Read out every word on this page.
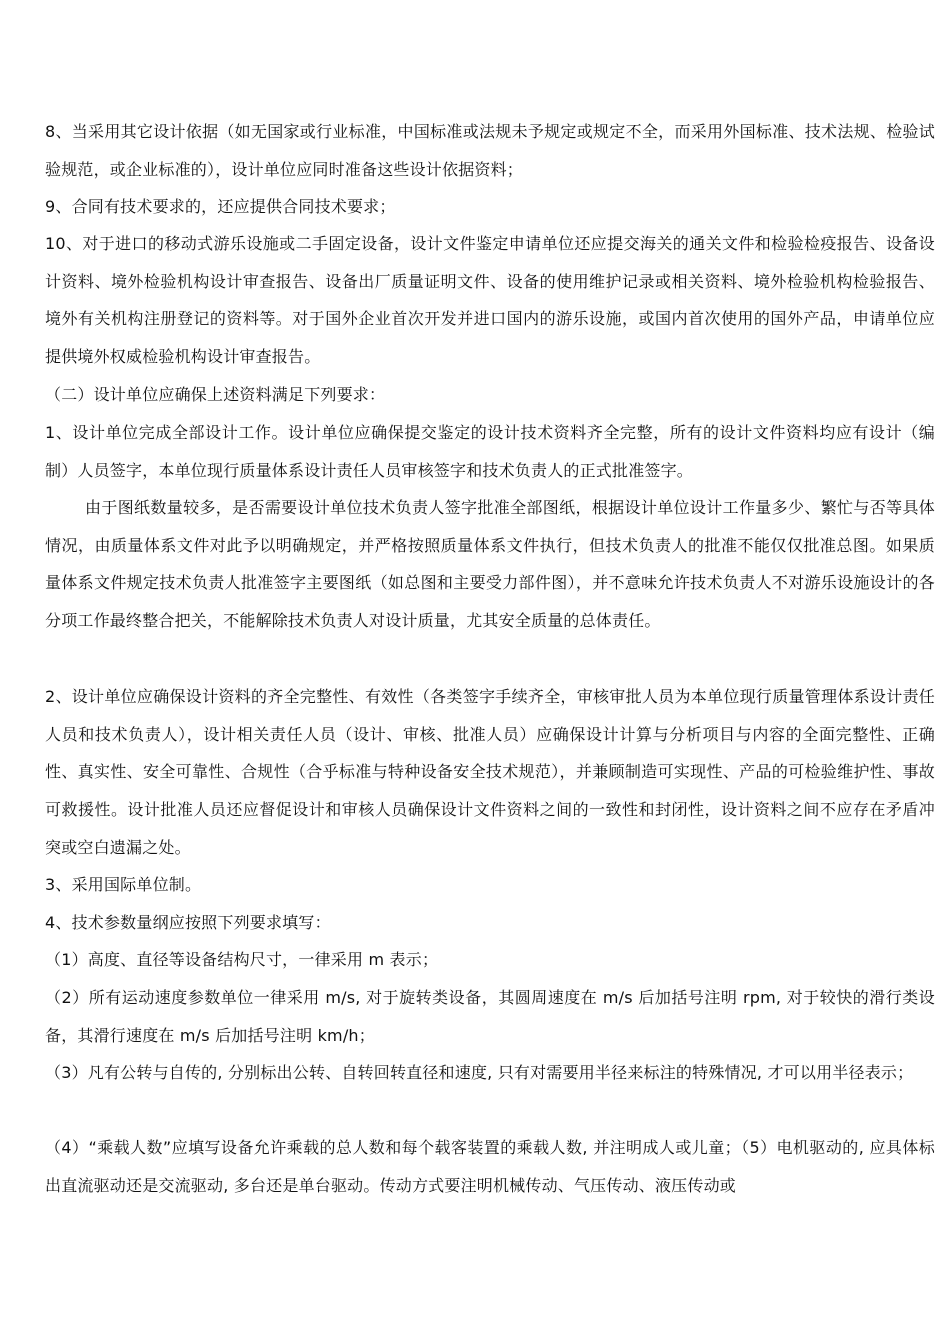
8、当采用其它设计依据（如无国家或行业标准，中国标准或法规未予规定或规定不全，而采用外国标准、技术法规、检验试验规范，或企业标准的），设计单位应同时准备这些设计依据资料；

9、合同有技术要求的，还应提供合同技术要求；

10、对于进口的移动式游乐设施或二手固定设备，设计文件鉴定申请单位还应提交海关的通关文件和检验检疫报告、设备设计资料、境外检验机构设计审查报告、设备出厂质量证明文件、设备的使用维护记录或相关资料、境外检验机构检验报告、境外有关机构注册登记的资料等。对于国外企业首次开发并进口国内的游乐设施，或国内首次使用的国外产品，申请单位应提供境外权威检验机构设计审查报告。

（二）设计单位应确保上述资料满足下列要求：

1、设计单位完成全部设计工作。设计单位应确保提交鉴定的设计技术资料齐全完整，所有的设计文件资料均应有设计（编制）人员签字，本单位现行质量体系设计责任人员审核签字和技术负责人的正式批准签字。

由于图纸数量较多，是否需要设计单位技术负责人签字批准全部图纸，根据设计单位设计工作量多少、繁忙与否等具体情况，由质量体系文件对此予以明确规定，并严格按照质量体系文件执行，但技术负责人的批准不能仅仅批准总图。如果质量体系文件规定技术负责人批准签字主要图纸（如总图和主要受力部件图），并不意味允许技术负责人不对游乐设施设计的各分项工作最终整合把关，不能解除技术负责人对设计质量，尤其安全质量的总体责任。

2、设计单位应确保设计资料的齐全完整性、有效性（各类签字手续齐全，审核审批人员为本单位现行质量管理体系设计责任人员和技术负责人），设计相关责任人员（设计、审核、批准人员）应确保设计计算与分析项目与内容的全面完整性、正确性、真实性、安全可靠性、合规性（合乎标准与特种设备安全技术规范），并兼顾制造可实现性、产品的可检验维护性、事故可救援性。设计批准人员还应督促设计和审核人员确保设计文件资料之间的一致性和封闭性，设计资料之间不应存在矛盾冲突或空白遗漏之处。

3、采用国际单位制。

4、技术参数量纲应按照下列要求填写：

（1）高度、直径等设备结构尺寸，一律采用 m 表示；

（2）所有运动速度参数单位一律采用 m/s, 对于旋转类设备，其圆周速度在 m/s 后加括号注明 rpm, 对于较快的滑行类设备，其滑行速度在 m/s 后加括号注明 km/h；

（3）凡有公转与自传的, 分别标出公转、自转回转直径和速度, 只有对需要用半径来标注的特殊情况, 才可以用半径表示；

（4）“乘载人数”应填写设备允许乘载的总人数和每个载客装置的乘载人数, 并注明成人或儿童；（5）电机驱动的, 应具体标出直流驱动还是交流驱动, 多台还是单台驱动。传动方式要注明机械传动、气压传动、液压传动或
